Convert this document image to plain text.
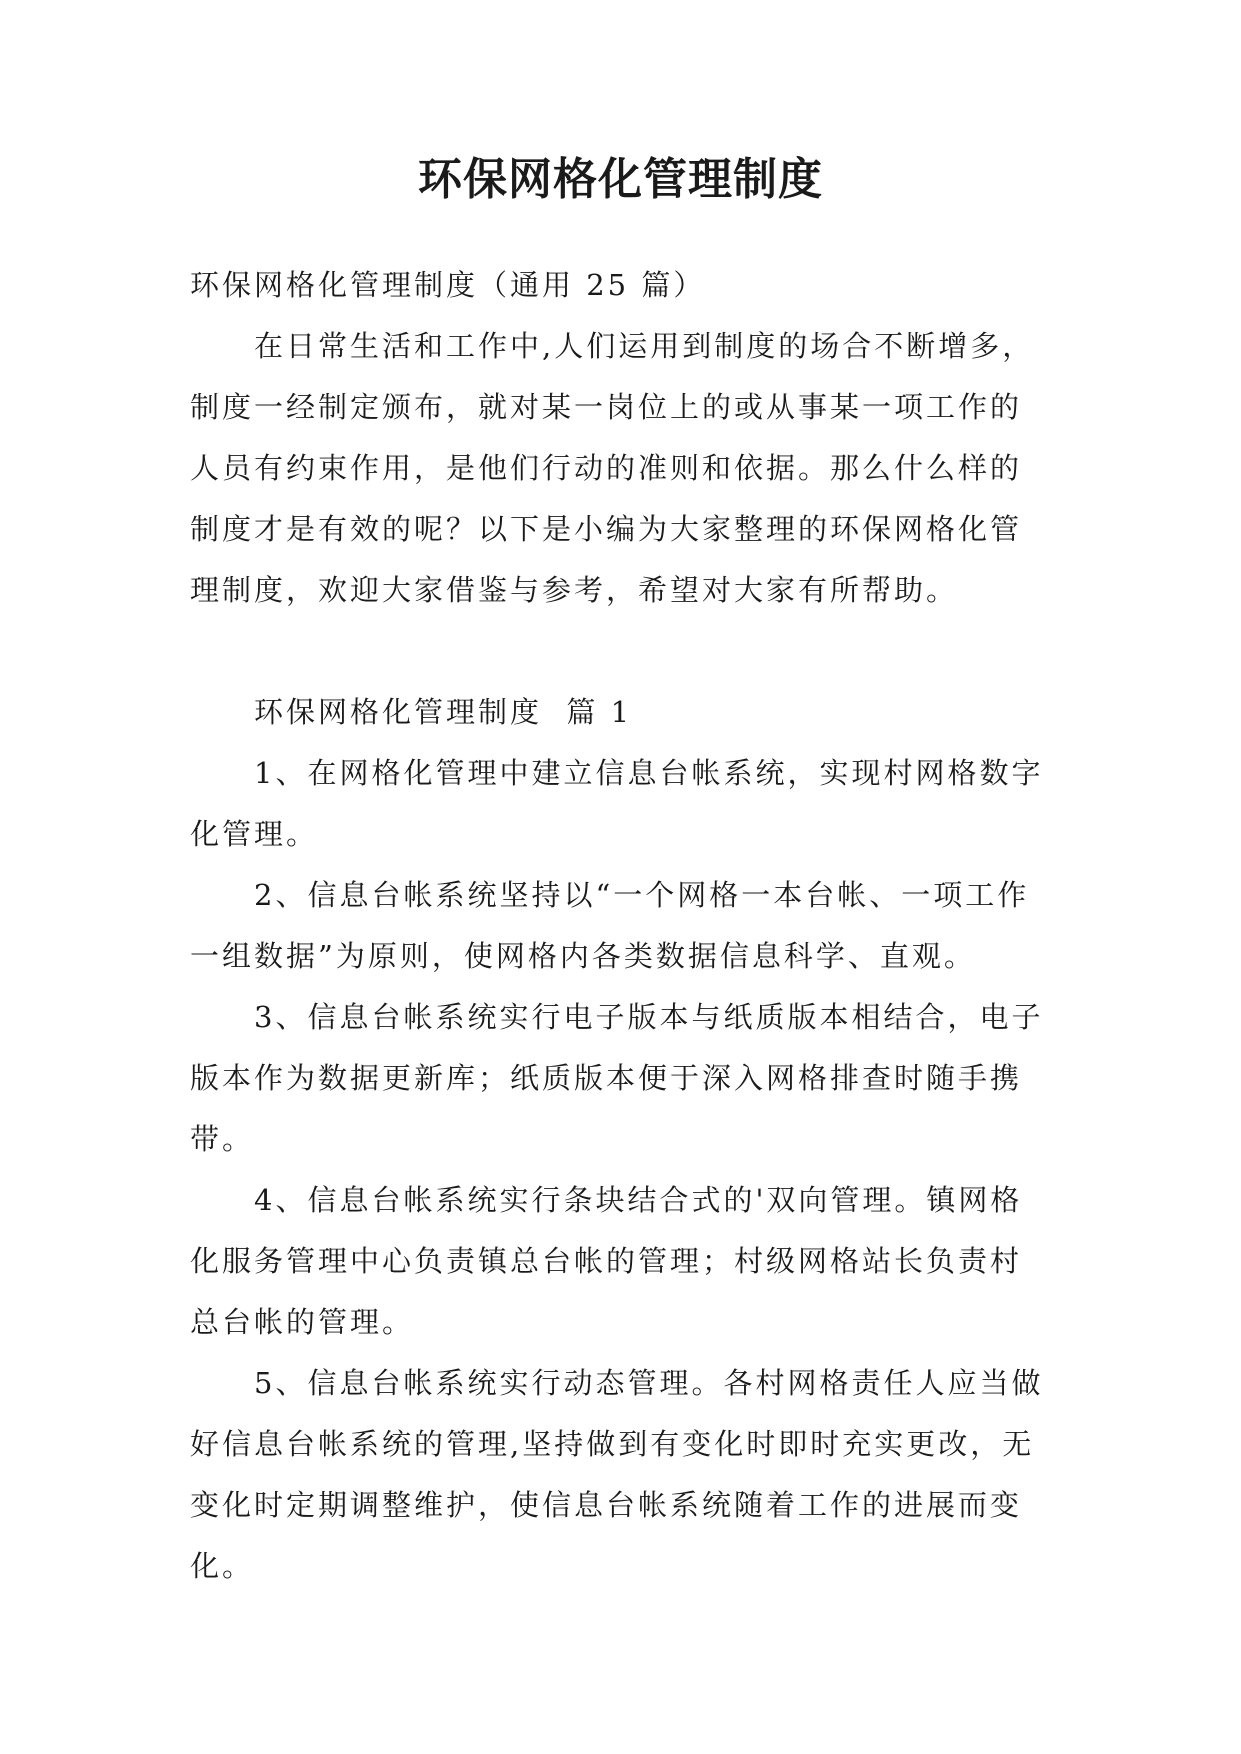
环保网格化管理制度

环保网格化管理制度（通用 25 篇）

在日常生活和工作中,人们运用到制度的场合不断增多，制度一经制定颁布，就对某一岗位上的或从事某一项工作的人员有约束作用，是他们行动的准则和依据。那么什么样的制度才是有效的呢？以下是小编为大家整理的环保网格化管理制度，欢迎大家借鉴与参考，希望对大家有所帮助。

环保网格化管理制度  篇 1

1、在网格化管理中建立信息台帐系统，实现村网格数字化管理。

2、信息台帐系统坚持以“一个网格一本台帐、一项工作一组数据”为原则，使网格内各类数据信息科学、直观。

3、信息台帐系统实行电子版本与纸质版本相结合，电子版本作为数据更新库；纸质版本便于深入网格排查时随手携带。

4、信息台帐系统实行条块结合式的'双向管理。镇网格化服务管理中心负责镇总台帐的管理；村级网格站长负责村总台帐的管理。

5、信息台帐系统实行动态管理。各村网格责任人应当做好信息台帐系统的管理,坚持做到有变化时即时充实更改，无变化时定期调整维护，使信息台帐系统随着工作的进展而变化。
